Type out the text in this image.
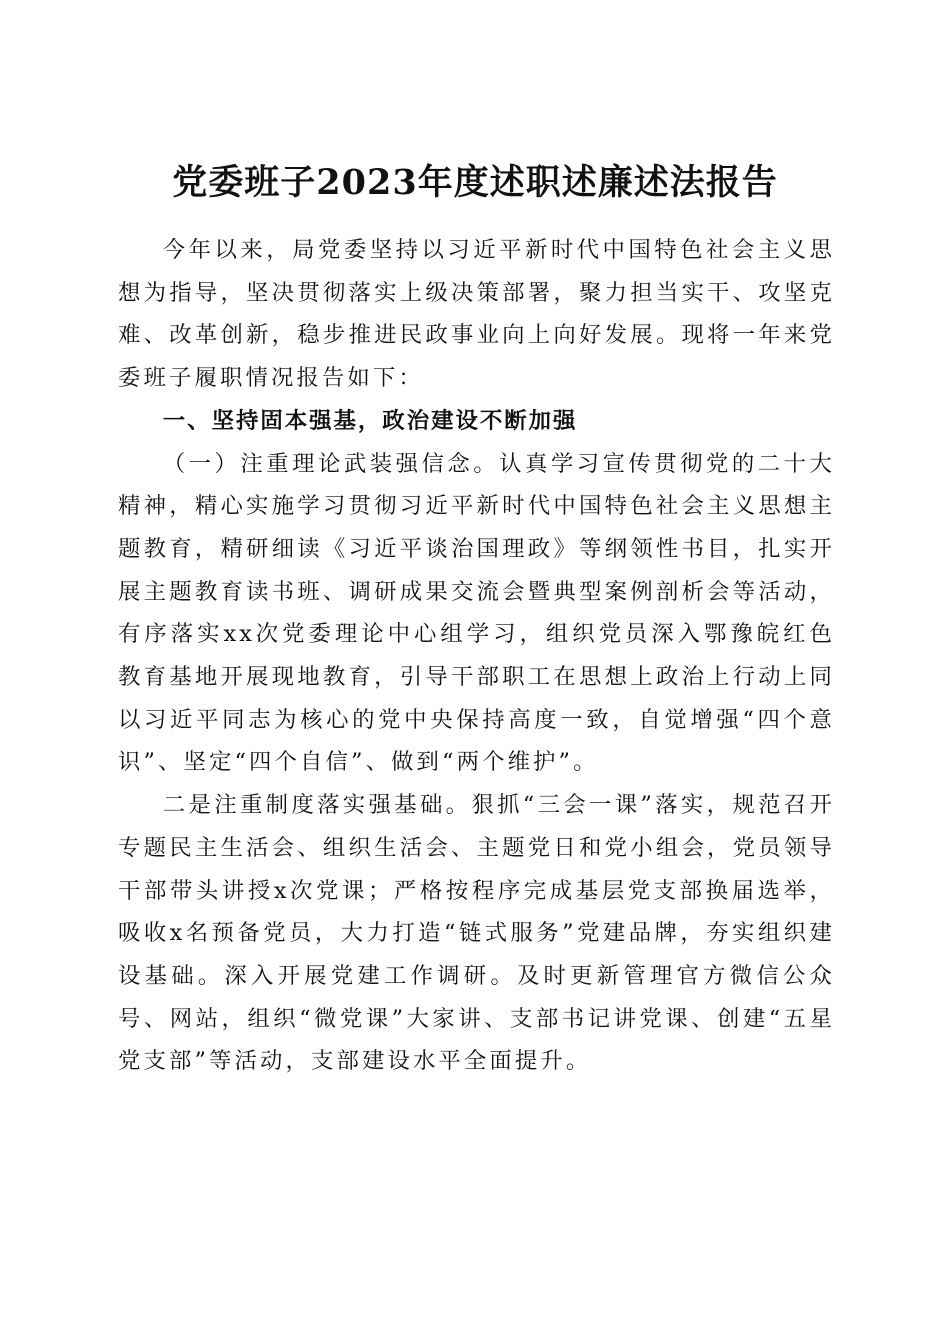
党委班子2023年度述职述廉述法报告

今年以来，局党委坚持以习近平新时代中国特色社会主义思想为指导，坚决贯彻落实上级决策部署，聚力担当实干、攻坚克难、改革创新，稳步推进民政事业向上向好发展。现将一年来党委班子履职情况报告如下：

一、坚持固本强基，政治建设不断加强

（一）注重理论武装强信念。认真学习宣传贯彻党的二十大精神，精心实施学习贯彻习近平新时代中国特色社会主义思想主题教育，精研细读《习近平谈治国理政》等纲领性书目，扎实开展主题教育读书班、调研成果交流会暨典型案例剖析会等活动，有序落实xx次党委理论中心组学习，组织党员深入鄂豫皖红色教育基地开展现地教育，引导干部职工在思想上政治上行动上同以习近平同志为核心的党中央保持高度一致，自觉增强“四个意识”、坚定“四个自信”、做到“两个维护”。

二是注重制度落实强基础。狠抓“三会一课”落实，规范召开专题民主生活会、组织生活会、主题党日和党小组会，党员领导干部带头讲授x次党课；严格按程序完成基层党支部换届选举，吸收x名预备党员，大力打造“链式服务”党建品牌，夯实组织建设基础。深入开展党建工作调研。及时更新管理官方微信公众号、网站，组织“微党课”大家讲、支部书记讲党课、创建“五星党支部”等活动，支部建设水平全面提升。
